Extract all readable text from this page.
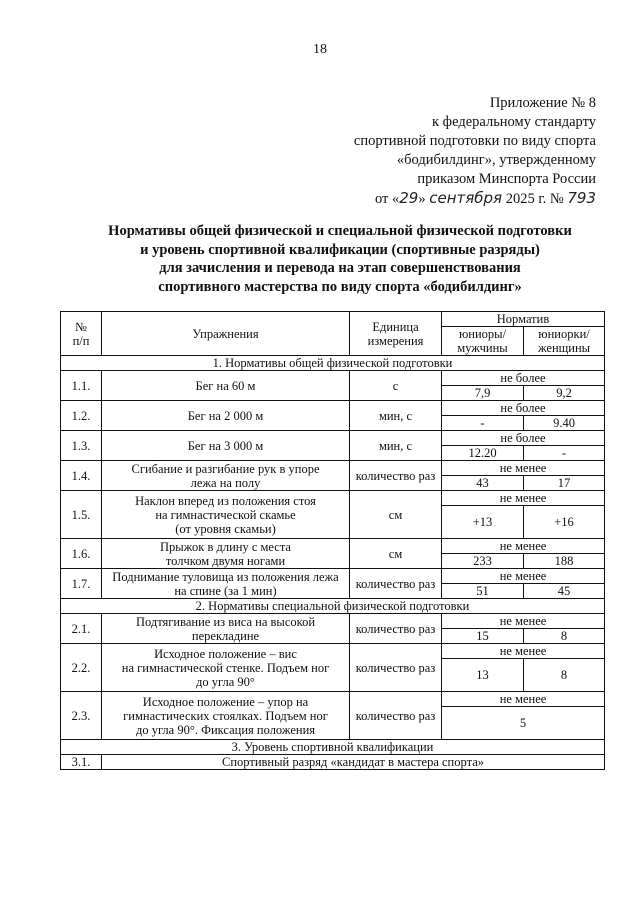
18
Приложение № 8
к федеральному стандарту
спортивной подготовки по виду спорта
«бодибилдинг», утвержденному
приказом Минспорта России
от «29» сентября 2025 г. № 793
Нормативы общей физической и специальной физической подготовки
и уровень спортивной квалификации (спортивные разряды)
для зачисления и перевода на этап совершенствования
спортивного мастерства по виду спорта «бодибилдинг»
№
п/п	Упражнения	Единица
измерения	Норматив	
			юниоры/
мужчины	юниорки/
женщины
1. Нормативы общей физической подготовки				
1.1.	Бег на 60 м	с	не более	
			7,9	9,2
1.2.	Бег на 2 000 м	мин, с	не более	
			-	9.40
1.3.	Бег на 3 000 м	мин, с	не более	
			12.20	-
1.4.	Сгибание и разгибание рук в упоре
лежа на полу	количество раз	не менее	
			43	17
1.5.	Наклон вперед из положения стоя
на гимнастической скамье
(от уровня скамьи)	см	не менее	
			+13	+16
1.6.	Прыжок в длину с места
толчком двумя ногами	см	не менее	
			233	188
1.7.	Поднимание туловища из положения лежа
на спине (за 1 мин)	количество раз	не менее	
			51	45
2. Нормативы специальной физической подготовки				
2.1.	Подтягивание из виса на высокой
перекладине	количество раз	не менее	
			15	8
2.2.	Исходное положение – вис
на гимнастической стенке. Подъем ног
до угла 90°	количество раз	не менее	
			13	8
2.3.	Исходное положение – упор на
гимнастических стоялках. Подъем ног
до угла 90°. Фиксация положения	количество раз	не менее	
			5	
3. Уровень спортивной квалификации				
3.1.	Спортивный разряд «кандидат в мастера спорта»			
